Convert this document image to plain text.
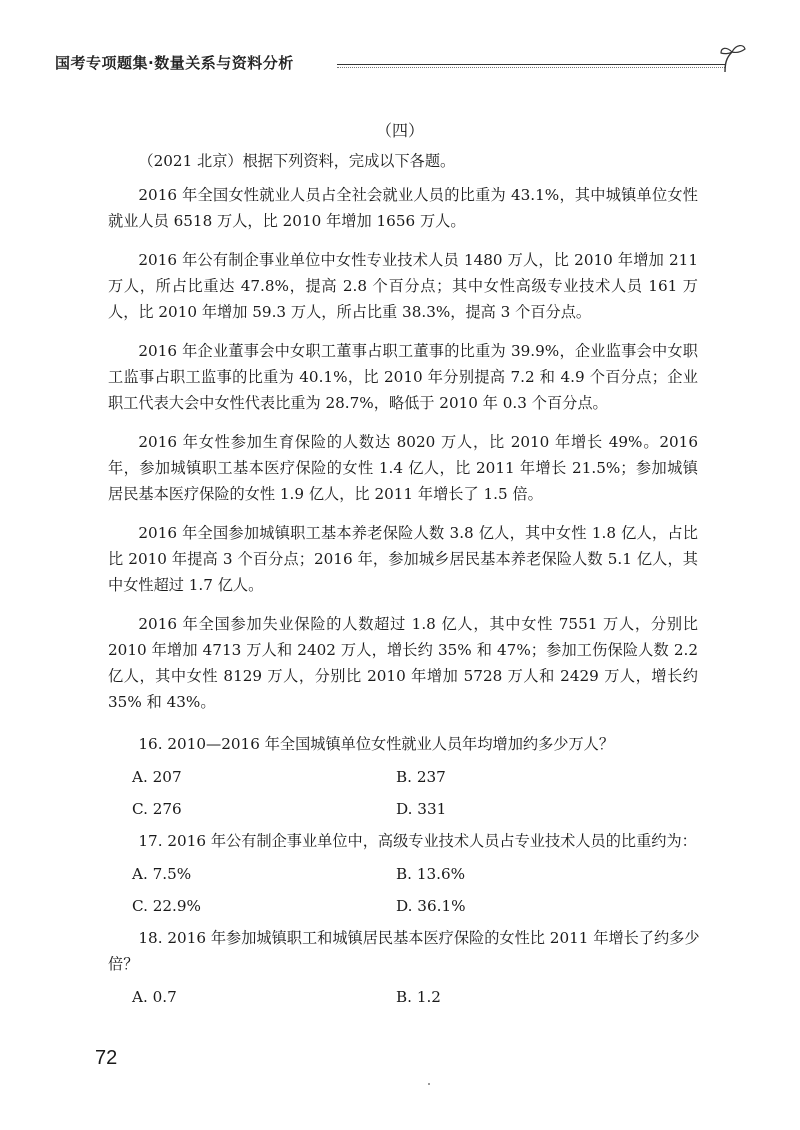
国考专项题集·数量关系与资料分析
（四）

（2021 北京）根据下列资料，完成以下各题。

2016 年全国女性就业人员占全社会就业人员的比重为 43.1%，其中城镇单位女性就业人员 6518 万人，比 2010 年增加 1656 万人。

2016 年公有制企事业单位中女性专业技术人员 1480 万人，比 2010 年增加 211 万人，所占比重达 47.8%，提高 2.8 个百分点；其中女性高级专业技术人员 161 万人，比 2010 年增加 59.3 万人，所占比重 38.3%，提高 3 个百分点。

2016 年企业董事会中女职工董事占职工董事的比重为 39.9%，企业监事会中女职工监事占职工监事的比重为 40.1%，比 2010 年分别提高 7.2 和 4.9 个百分点；企业职工代表大会中女性代表比重为 28.7%，略低于 2010 年 0.3 个百分点。

2016 年女性参加生育保险的人数达 8020 万人，比 2010 年增长 49%。2016 年，参加城镇职工基本医疗保险的女性 1.4 亿人，比 2011 年增长 21.5%；参加城镇居民基本医疗保险的女性 1.9 亿人，比 2011 年增长了 1.5 倍。

2016 年全国参加城镇职工基本养老保险人数 3.8 亿人，其中女性 1.8 亿人，占比比 2010 年提高 3 个百分点；2016 年，参加城乡居民基本养老保险人数 5.1 亿人，其中女性超过 1.7 亿人。

2016 年全国参加失业保险的人数超过 1.8 亿人，其中女性 7551 万人，分别比 2010 年增加 4713 万人和 2402 万人，增长约 35% 和 47%；参加工伤保险人数 2.2 亿人，其中女性 8129 万人，分别比 2010 年增加 5728 万人和 2429 万人，增长约 35% 和 43%。

16. 2010—2016 年全国城镇单位女性就业人员年均增加约多少万人？

A. 207	B. 237
C. 276	D. 331

17. 2016 年公有制企事业单位中，高级专业技术人员占专业技术人员的比重约为：

A. 7.5%	B. 13.6%
C. 22.9%	D. 36.1%

18. 2016 年参加城镇职工和城镇居民基本医疗保险的女性比 2011 年增长了约多少倍？

A. 0.7	B. 1.2
72
